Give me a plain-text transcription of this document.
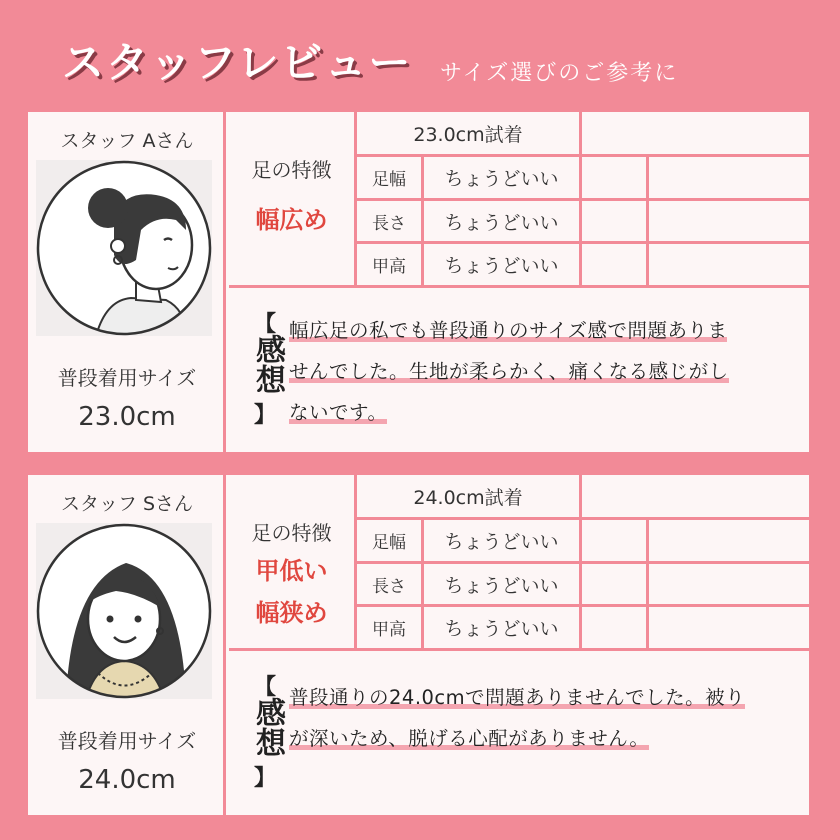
スタッフレビュー サイズ選びのご参考に
スタッフ Aさん
普段着用サイズ
23.0cm
足の特徴
幅広め
23.0cm試着
足幅	ちょうどいい
長さ	ちょうどいい
甲高	ちょうどいい
【
感想
】
幅広足の私でも普段通りのサイズ感で問題ありま
せんでした。生地が柔らかく、痛くなる感じがし
ないです。
スタッフ Sさん
普段着用サイズ
24.0cm
足の特徴
甲低い
幅狭め
24.0cm試着
足幅	ちょうどいい
長さ	ちょうどいい
甲高	ちょうどいい
【
感想
】
普段通りの24.0cmで問題ありませんでした。被り
が深いため、脱げる心配がありません。
